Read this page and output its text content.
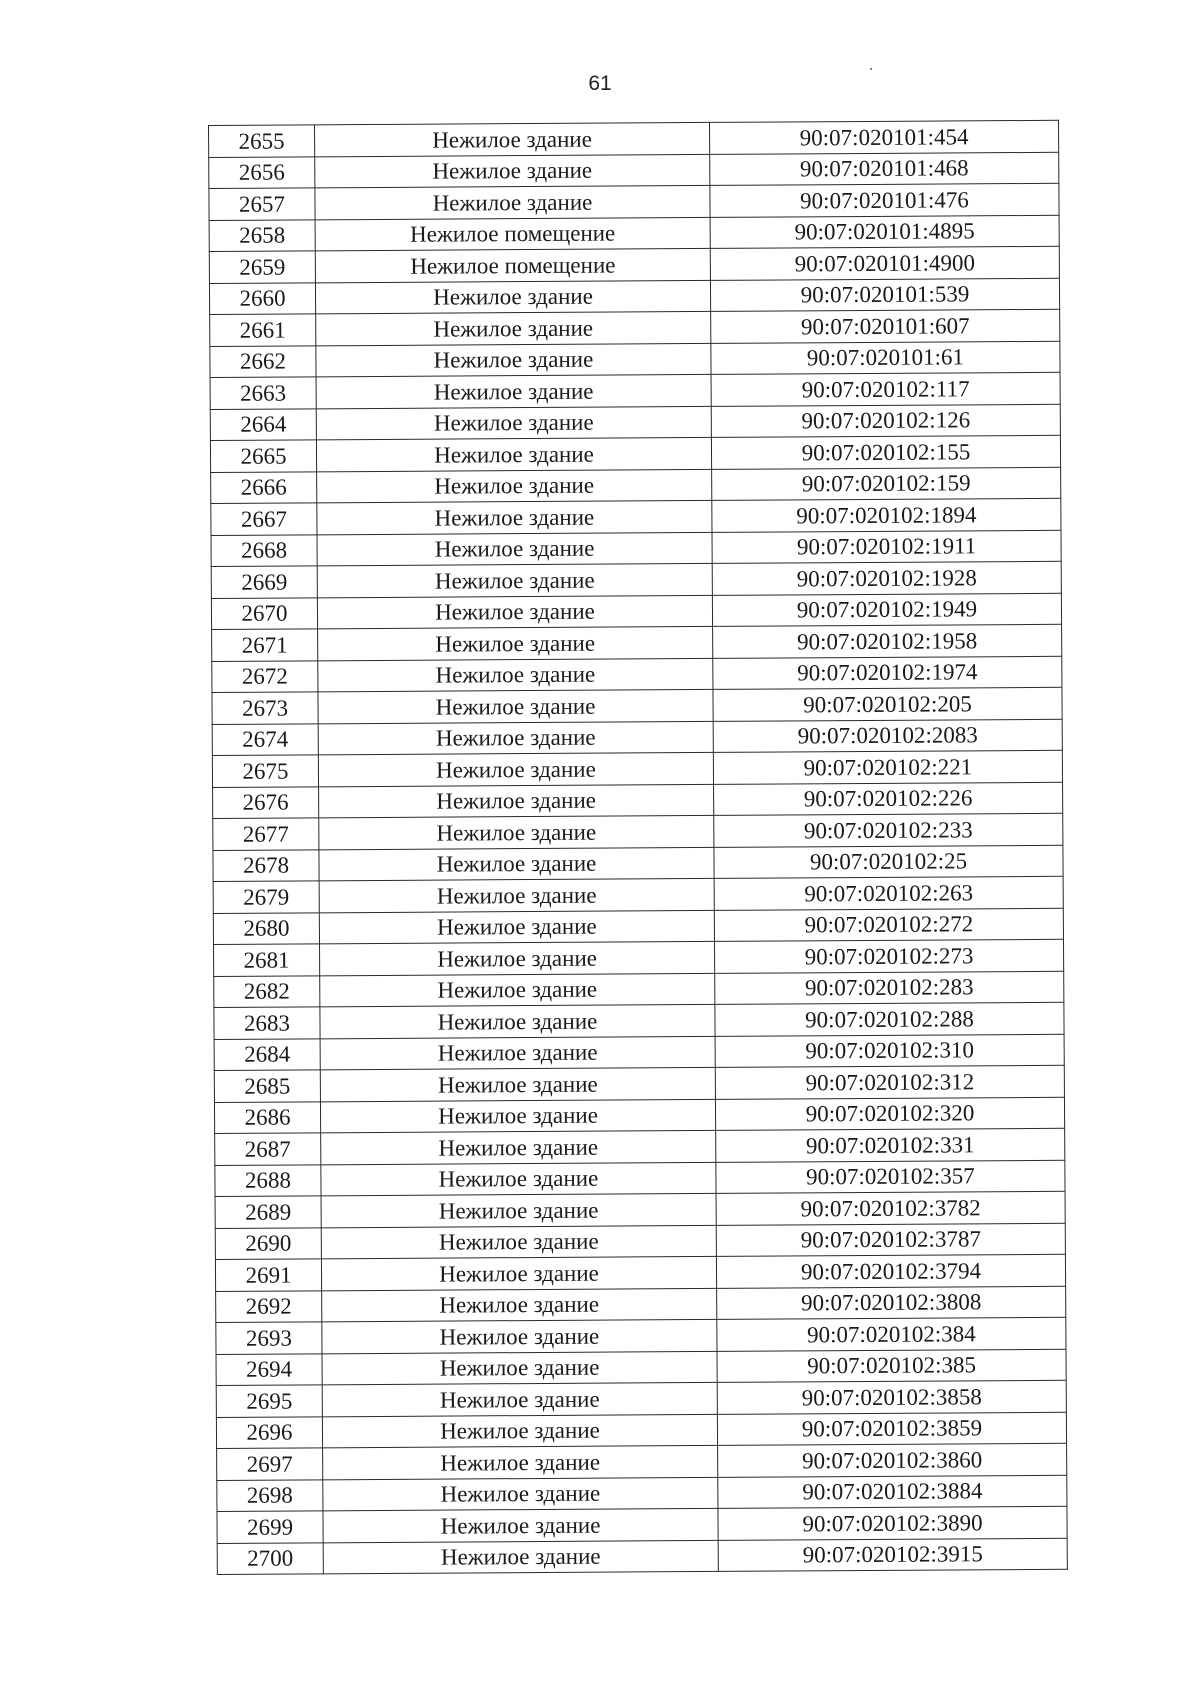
61
2655	Нежилое здание	90:07:020101:454
2656	Нежилое здание	90:07:020101:468
2657	Нежилое здание	90:07:020101:476
2658	Нежилое помещение	90:07:020101:4895
2659	Нежилое помещение	90:07:020101:4900
2660	Нежилое здание	90:07:020101:539
2661	Нежилое здание	90:07:020101:607
2662	Нежилое здание	90:07:020101:61
2663	Нежилое здание	90:07:020102:117
2664	Нежилое здание	90:07:020102:126
2665	Нежилое здание	90:07:020102:155
2666	Нежилое здание	90:07:020102:159
2667	Нежилое здание	90:07:020102:1894
2668	Нежилое здание	90:07:020102:1911
2669	Нежилое здание	90:07:020102:1928
2670	Нежилое здание	90:07:020102:1949
2671	Нежилое здание	90:07:020102:1958
2672	Нежилое здание	90:07:020102:1974
2673	Нежилое здание	90:07:020102:205
2674	Нежилое здание	90:07:020102:2083
2675	Нежилое здание	90:07:020102:221
2676	Нежилое здание	90:07:020102:226
2677	Нежилое здание	90:07:020102:233
2678	Нежилое здание	90:07:020102:25
2679	Нежилое здание	90:07:020102:263
2680	Нежилое здание	90:07:020102:272
2681	Нежилое здание	90:07:020102:273
2682	Нежилое здание	90:07:020102:283
2683	Нежилое здание	90:07:020102:288
2684	Нежилое здание	90:07:020102:310
2685	Нежилое здание	90:07:020102:312
2686	Нежилое здание	90:07:020102:320
2687	Нежилое здание	90:07:020102:331
2688	Нежилое здание	90:07:020102:357
2689	Нежилое здание	90:07:020102:3782
2690	Нежилое здание	90:07:020102:3787
2691	Нежилое здание	90:07:020102:3794
2692	Нежилое здание	90:07:020102:3808
2693	Нежилое здание	90:07:020102:384
2694	Нежилое здание	90:07:020102:385
2695	Нежилое здание	90:07:020102:3858
2696	Нежилое здание	90:07:020102:3859
2697	Нежилое здание	90:07:020102:3860
2698	Нежилое здание	90:07:020102:3884
2699	Нежилое здание	90:07:020102:3890
2700	Нежилое здание	90:07:020102:3915
